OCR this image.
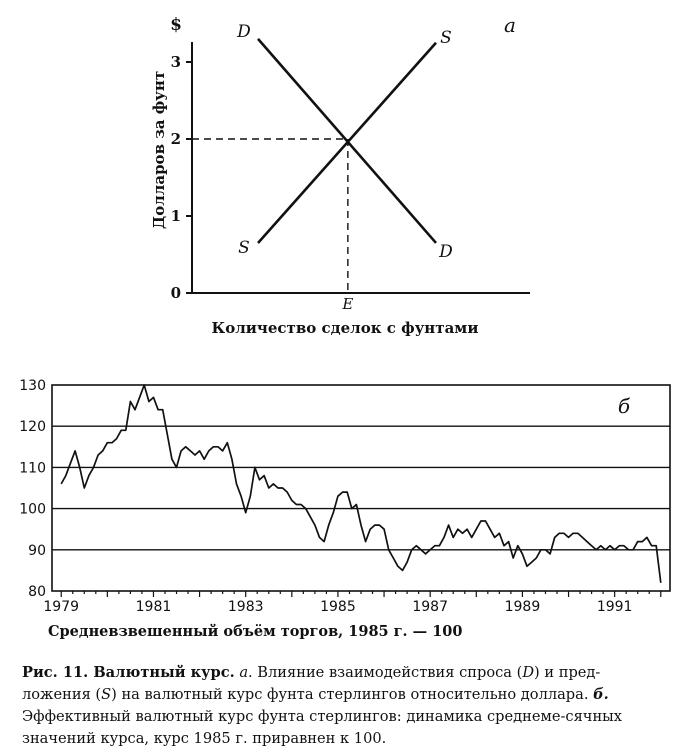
$
0
1
2
3
Долларов за фунт
Количество сделок с фунтами
а
D
D
S
S
E
80
90
100
110
120
130
б
1979	1981	1983	1985	1987	1989	1991
Средневзвешенный объём торгов, 1985 г. — 100
Рис. 11. Валютный курс. а. Влияние взаимодействия спроса (D) и пред-ложения (S) на валютный курс фунта стерлингов относительно доллара. б. Эффективный валютный курс фунта стерлингов: динамика среднеме-сячных значений курса, курс 1985 г. приравнен к 100.
